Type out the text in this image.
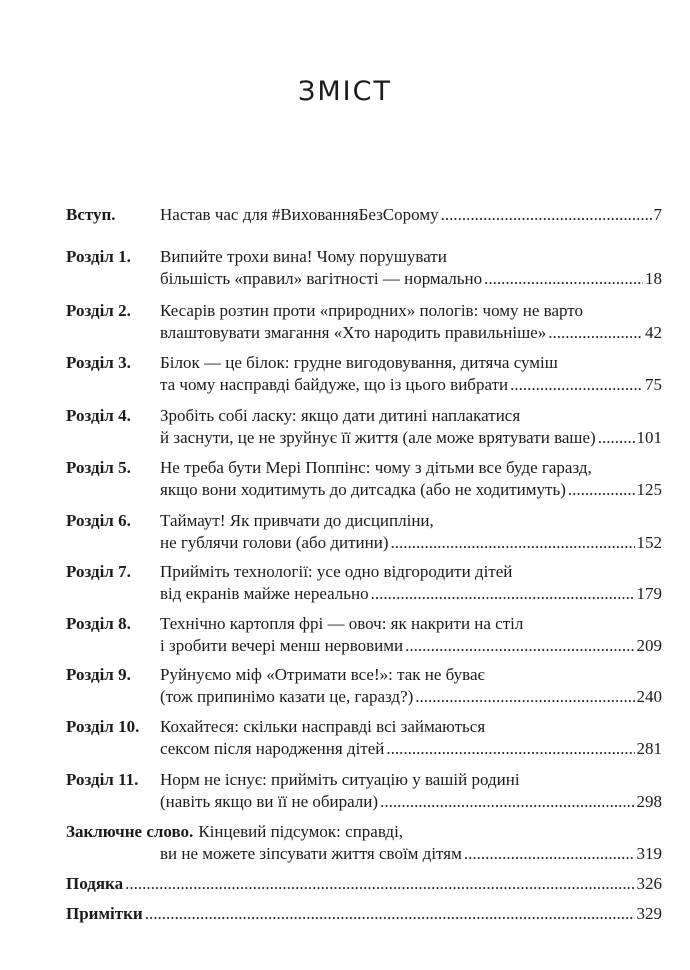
ЗМІСТ
Вступ.	Настав час для #ВихованняБезСорому .....	7
Розділ 1. Випийте трохи вина! Чому порушувати
більшість «правил» вагітності — нормально .....	18
Розділ 2. Кесарів розтин проти «природних» пологів: чому не варто
влаштовувати змагання «Хто народить правильніше» .....	42
Розділ 3. Білок — це білок: грудне вигодовування, дитяча суміш
та чому насправді байдуже, що із цього вибрати .....	75
Розділ 4. Зробіть собі ласку: якщо дати дитині наплакатися
й заснути, це не зруйнує її життя (але може врятувати ваше) ..... 101
Розділ 5. Не треба бути Мері Поппінс: чому з дітьми все буде гаразд,
якщо вони ходитимуть до дитсадка (або не ходитимуть) .....	125
Розділ 6. Таймаут! Як привчати до дисципліни,
не гублячи голови (або дитини) .....	152
Розділ 7. Прийміть технології: усе одно відгородити дітей
від екранів майже нереально .....	179
Розділ 8. Технічно картопля фрі — овоч: як накрити на стіл
і зробити вечері менш нервовими .....	209
Розділ 9. Руйнуємо міф «Отримати все!»: так не буває
(тож припинімо казати це, гаразд?) .....	240
Розділ 10. Кохайтеся: скільки насправді всі займаються
сексом після народження дітей .....	281
Розділ 11. Норм не існує: прийміть ситуацію у вашій родині
(навіть якщо ви її не обирали) .....	298
Заключне слово. Кінцевий підсумок: справді,
ви не можете зіпсувати життя своїм дітям .....	319
Подяка .....	326
Примітки .....	329
